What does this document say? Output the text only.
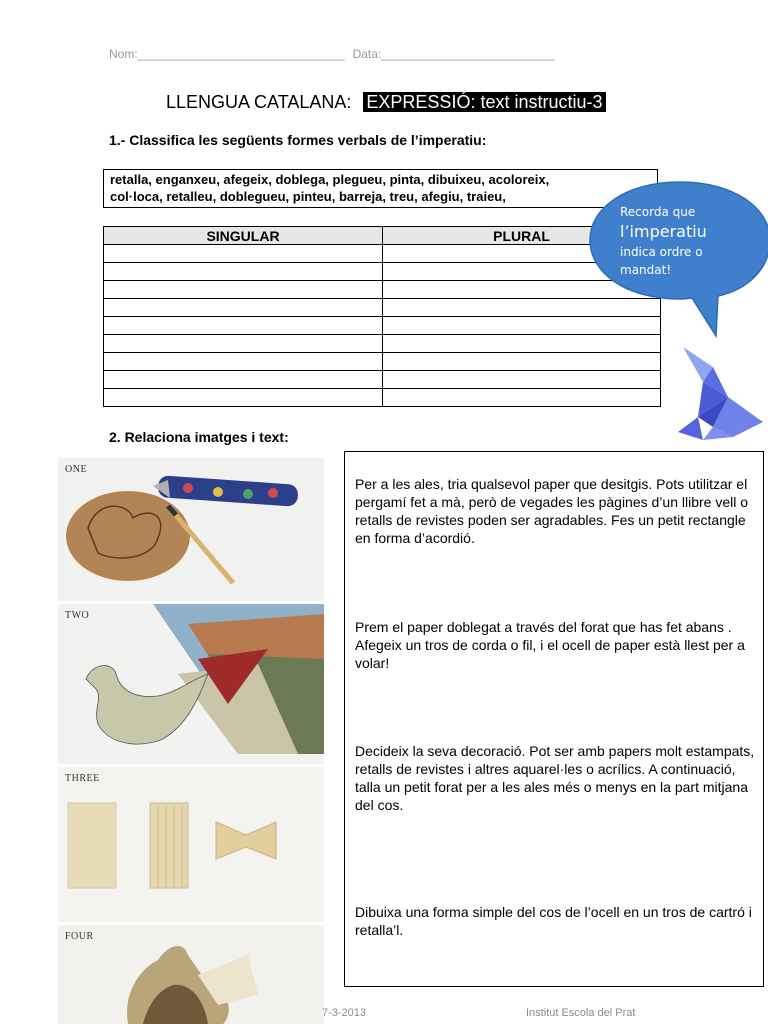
Nom:_______________________________ Data:__________________________
LLENGUA CATALANA: EXPRESSIÓ: text instructiu-3
1.- Classifica les següents formes verbals de l’imperatiu:
retalla, enganxeu, afegeix, doblega, plegueu, pinta, dibuixeu, acoloreix,
col·loca, retalleu, doblegueu, pinteu, barreja, treu, afegiu, traieu,
SINGULAR	PLURAL

Recorda que
l’imperatiu
indica ordre o
mandat!
2. Relaciona imatges i text:
ONE
TWO
THREE
FOUR

Per a les ales, tria qualsevol paper que desitgis. Pots utilitzar el pergamí fet a mà, però de vegades les pàgines d’un llibre vell o retalls de revistes poden ser agradables. Fes un petit rectangle en forma d’acordió.

Prem el paper doblegat a través del forat que has fet abans . Afegeix un tros de corda o fil, i el ocell de paper està llest per a volar!

Decideix la seva decoració. Pot ser amb papers molt estampats, retalls de revistes i altres aquarel·les o acrílics. A continuació, talla un petit forat per a les ales més o menys en la part mitjana del cos.

Dibuixa una forma simple del cos de l’ocell en un tros de cartró i retalla’l.

7-3-2013	Institut Escola del Prat
